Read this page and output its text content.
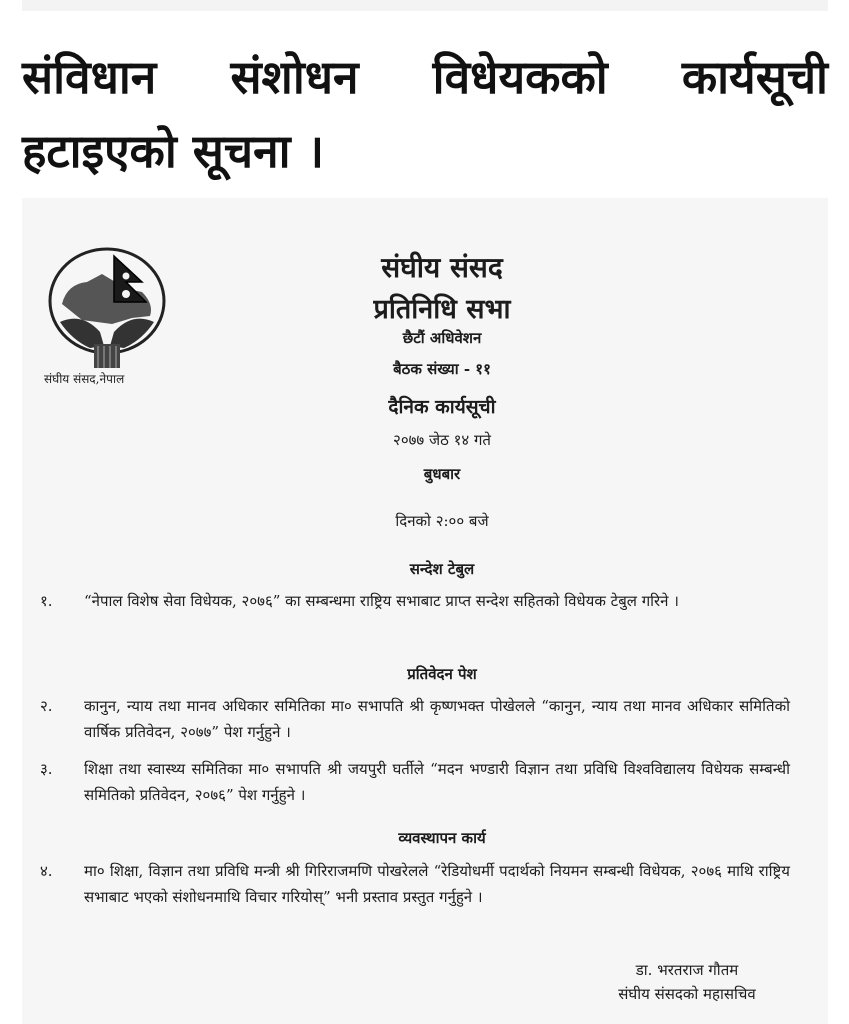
संविधान संशोधन विधेयकको कार्यसूची
हटाइएको सूचना ।
संघीय संसद,नेपाल
संघीय संसद
प्रतिनिधि सभा
छैटौं अधिवेशन
बैठक संख्या - ११
दैनिक कार्यसूची
२०७७ जेठ १४ गते
बुधबार
दिनको २:०० बजे
सन्देश टेबुल
१. “नेपाल विशेष सेवा विधेयक, २०७६” का सम्बन्धमा राष्ट्रिय सभाबाट प्राप्त सन्देश सहितको विधेयक टेबुल गरिने ।
प्रतिवेदन पेश
२. कानुन, न्याय तथा मानव अधिकार समितिका मा० सभापति श्री कृष्णभक्त पोखेलले “कानुन, न्याय तथा मानव अधिकार समितिको वार्षिक प्रतिवेदन, २०७७” पेश गर्नुहुने ।
३. शिक्षा तथा स्वास्थ्य समितिका मा० सभापति श्री जयपुरी घर्तीले “मदन भण्डारी विज्ञान तथा प्रविधि विश्वविद्यालय विधेयक सम्बन्धी समितिको प्रतिवेदन, २०७६” पेश गर्नुहुने ।
व्यवस्थापन कार्य
४. मा० शिक्षा, विज्ञान तथा प्रविधि मन्त्री श्री गिरिराजमणि पोखरेलले “रेडियोधर्मी पदार्थको नियमन सम्बन्धी विधेयक, २०७६ माथि राष्ट्रिय सभाबाट भएको संशोधनमाथि विचार गरियोस्” भनी प्रस्ताव प्रस्तुत गर्नुहुने ।
डा. भरतराज गौतम
संघीय संसदको महासचिव
